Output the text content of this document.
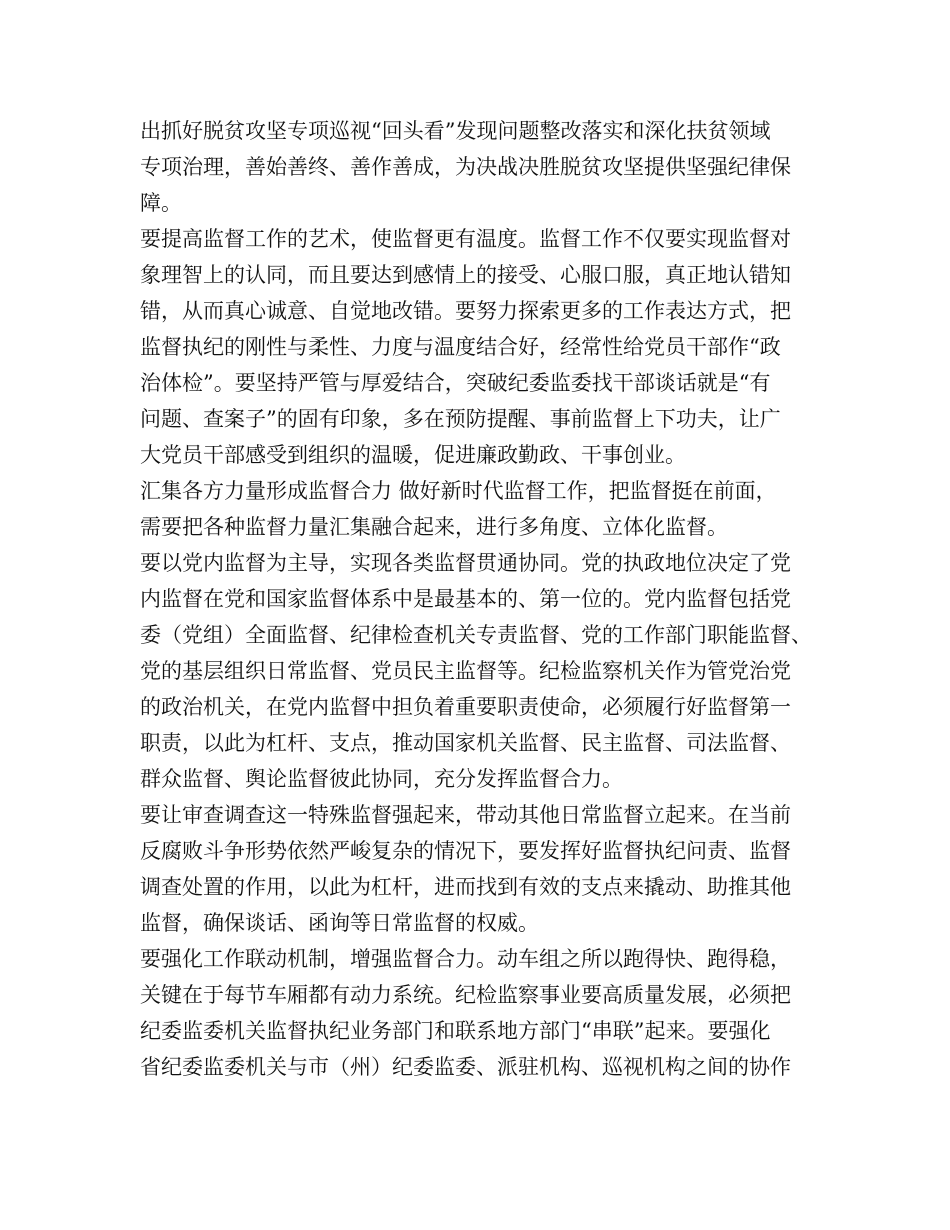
出抓好脱贫攻坚专项巡视“回头看”发现问题整改落实和深化扶贫领域
专项治理，善始善终、善作善成，为决战决胜脱贫攻坚提供坚强纪律保
障。
要提高监督工作的艺术，使监督更有温度。监督工作不仅要实现监督对
象理智上的认同，而且要达到感情上的接受、心服口服，真正地认错知
错，从而真心诚意、自觉地改错。要努力探索更多的工作表达方式，把
监督执纪的刚性与柔性、力度与温度结合好，经常性给党员干部作“政
治体检”。要坚持严管与厚爱结合，突破纪委监委找干部谈话就是“有
问题、查案子”的固有印象，多在预防提醒、事前监督上下功夫，让广
大党员干部感受到组织的温暖，促进廉政勤政、干事创业。
汇集各方力量形成监督合力 做好新时代监督工作，把监督挺在前面，
需要把各种监督力量汇集融合起来，进行多角度、立体化监督。
要以党内监督为主导，实现各类监督贯通协同。党的执政地位决定了党
内监督在党和国家监督体系中是最基本的、第一位的。党内监督包括党
委（党组）全面监督、纪律检查机关专责监督、党的工作部门职能监督、
党的基层组织日常监督、党员民主监督等。纪检监察机关作为管党治党
的政治机关，在党内监督中担负着重要职责使命，必须履行好监督第一
职责，以此为杠杆、支点，推动国家机关监督、民主监督、司法监督、
群众监督、舆论监督彼此协同，充分发挥监督合力。
要让审查调查这一特殊监督强起来，带动其他日常监督立起来。在当前
反腐败斗争形势依然严峻复杂的情况下，要发挥好监督执纪问责、监督
调查处置的作用，以此为杠杆，进而找到有效的支点来撬动、助推其他
监督，确保谈话、函询等日常监督的权威。
要强化工作联动机制，增强监督合力。动车组之所以跑得快、跑得稳，
关键在于每节车厢都有动力系统。纪检监察事业要高质量发展，必须把
纪委监委机关监督执纪业务部门和联系地方部门“串联”起来。要强化
省纪委监委机关与市（州）纪委监委、派驻机构、巡视机构之间的协作
